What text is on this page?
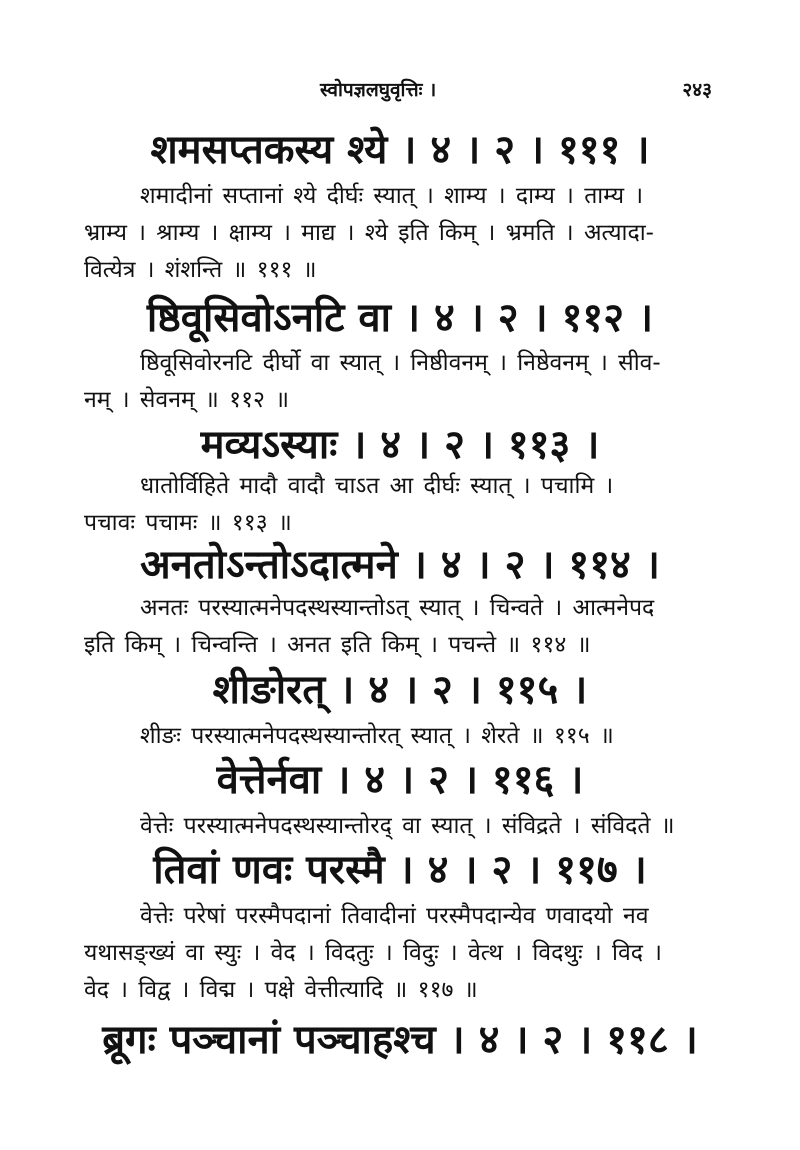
स्वोपज्ञलघुवृत्तिः ।	२४३
शमसप्तकस्य श्ये । ४ । २ । १११ ।

शमादीनां सप्तानां श्ये दीर्घः स्यात् । शाम्य । दाम्य । ताम्य ।

भ्राम्य । श्राम्य । क्षाम्य । माद्य । श्ये इति किम् । भ्रमति । अत्यादा-

वित्येत्र । शंशन्ति ॥ १११ ॥

ष्ठिवूसिवोऽनटि वा । ४ । २ । ११२ ।

ष्ठिवूसिवोरनटि दीर्घो वा स्यात् । निष्ठीवनम् । निष्ठेवनम् । सीव-

नम् । सेवनम् ॥ ११२ ॥

मव्यऽस्याः । ४ । २ । ११३ ।

धातोर्विहिते मादौ वादौ चाऽत आ दीर्घः स्यात् । पचामि ।

पचावः पचामः ॥ ११३ ॥

अनतोऽन्तोऽदात्मने । ४ । २ । ११४ ।

अनतः परस्यात्मनेपदस्थस्यान्तोऽत् स्यात् । चिन्वते । आत्मनेपद

इति किम् । चिन्वन्ति । अनत इति किम् । पचन्ते ॥ ११४ ॥

शीङोरत् । ४ । २ । ११५ ।

शीङः परस्यात्मनेपदस्थस्यान्तोरत् स्यात् । शेरते ॥ ११५ ॥

वेत्तेर्नवा । ४ । २ । ११६ ।

वेत्तेः परस्यात्मनेपदस्थस्यान्तोरद् वा स्यात् । संविद्रते । संविदते ॥

तिवां णवः परस्मै । ४ । २ । ११७ ।

वेत्तेः परेषां परस्मैपदानां तिवादीनां परस्मैपदान्येव णवादयो नव

यथासङ्ख्यं वा स्युः । वेद । विदतुः । विदुः । वेत्थ । विदथुः । विद ।

वेद । विद्व । विद्म । पक्षे वेत्तीत्यादि ॥ ११७ ॥

ब्रूगः पञ्चानां पञ्चाहश्च । ४ । २ । ११८ ।
